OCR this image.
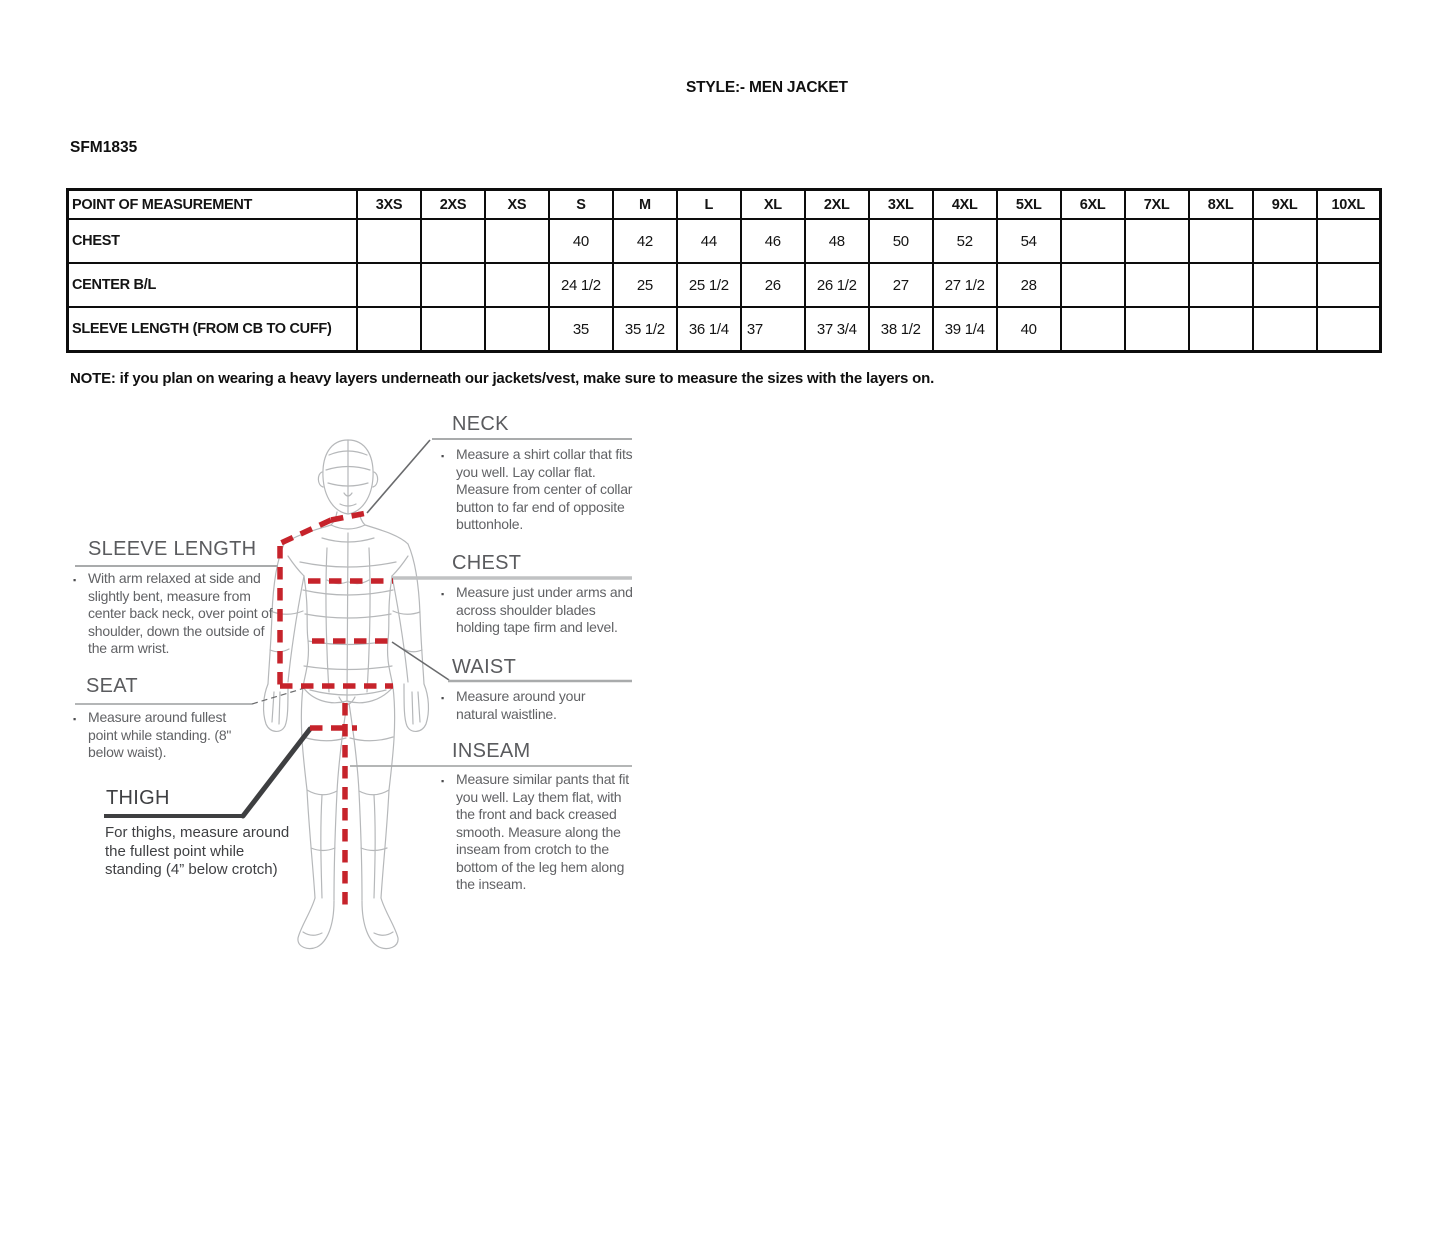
STYLE:- MEN JACKET
SFM1835
POINT OF MEASUREMENT	3XS	2XS	XS	S	M	L	XL	2XL	3XL	4XL	5XL	6XL	7XL	8XL	9XL	10XL
CHEST				40	42	44	46	48	50	52	54					
CENTER B/L				24 1/2	25	25 1/2	26	26 1/2	27	27 1/2	28					
SLEEVE LENGTH (FROM CB TO CUFF)				35	35 1/2	36 1/4	37	37 3/4	38 1/2	39 1/4	40					
NOTE: if you plan on wearing a heavy layers underneath our jackets/vest, make sure to measure the sizes with the layers on.
NECK
▪ Measure a shirt collar that fits you well. Lay collar flat. Measure from center of collar button to far end of opposite buttonhole.

CHEST
▪ Measure just under arms and across shoulder blades holding tape firm and level.

WAIST
▪ Measure around your natural waistline.

INSEAM
▪ Measure similar pants that fit you well. Lay them flat, with the front and back creased smooth. Measure along the inseam from crotch to the bottom of the leg hem along the inseam.

SLEEVE LENGTH
▪ With arm relaxed at side and slightly bent, measure from center back neck, over point of shoulder, down the outside of the arm wrist.

SEAT
▪ Measure around fullest point while standing. (8" below waist).

THIGH

For thighs, measure around the fullest point while standing (4” below crotch)
